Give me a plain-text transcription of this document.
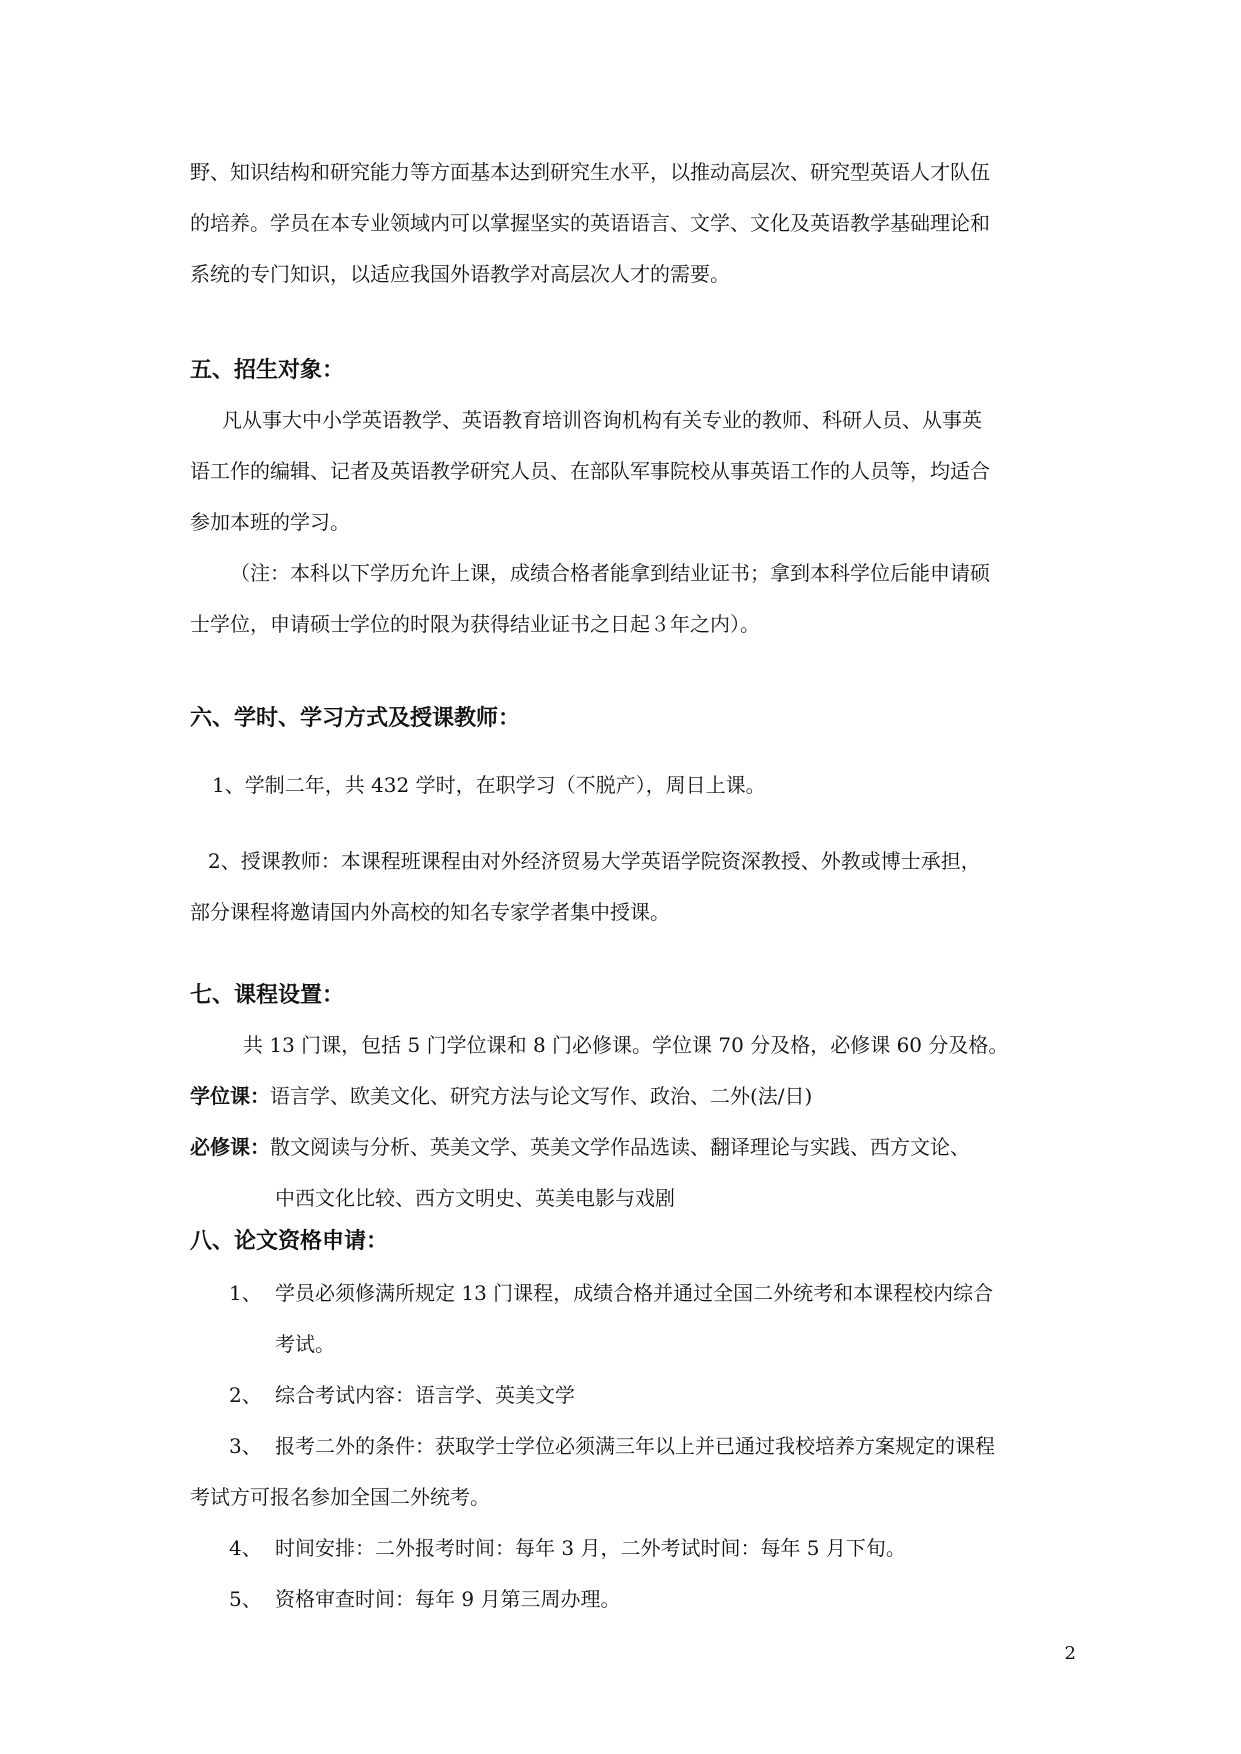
野、知识结构和研究能力等方面基本达到研究生水平，以推动高层次、研究型英语人才队伍
的培养。学员在本专业领域内可以掌握坚实的英语语言、文学、文化及英语教学基础理论和
系统的专门知识，以适应我国外语教学对高层次人才的需要。
五、招生对象：
凡从事大中小学英语教学、英语教育培训咨询机构有关专业的教师、科研人员、从事英
语工作的编辑、记者及英语教学研究人员、在部队军事院校从事英语工作的人员等，均适合
参加本班的学习。
（注：本科以下学历允许上课，成绩合格者能拿到结业证书；拿到本科学位后能申请硕
士学位，申请硕士学位的时限为获得结业证书之日起３年之内）。
六、学时、学习方式及授课教师：
1、学制二年，共 432 学时，在职学习（不脱产），周日上课。
2、授课教师：本课程班课程由对外经济贸易大学英语学院资深教授、外教或博士承担，
部分课程将邀请国内外高校的知名专家学者集中授课。
七、课程设置：
共 13 门课，包括 5 门学位课和 8 门必修课。学位课 70 分及格，必修课 60 分及格。
学位课：语言学、欧美文化、研究方法与论文写作、政治、二外(法/日)
必修课：散文阅读与分析、英美文学、英美文学作品选读、翻译理论与实践、西方文论、
中西文化比较、西方文明史、英美电影与戏剧
八、论文资格申请：
1、 学员必须修满所规定 13 门课程，成绩合格并通过全国二外统考和本课程校内综合
考试。
2、 综合考试内容：语言学、英美文学
3、 报考二外的条件：获取学士学位必须满三年以上并已通过我校培养方案规定的课程
考试方可报名参加全国二外统考。
4、 时间安排：二外报考时间：每年 3 月，二外考试时间：每年 5 月下旬。
5、 资格审查时间：每年 9 月第三周办理。
2
